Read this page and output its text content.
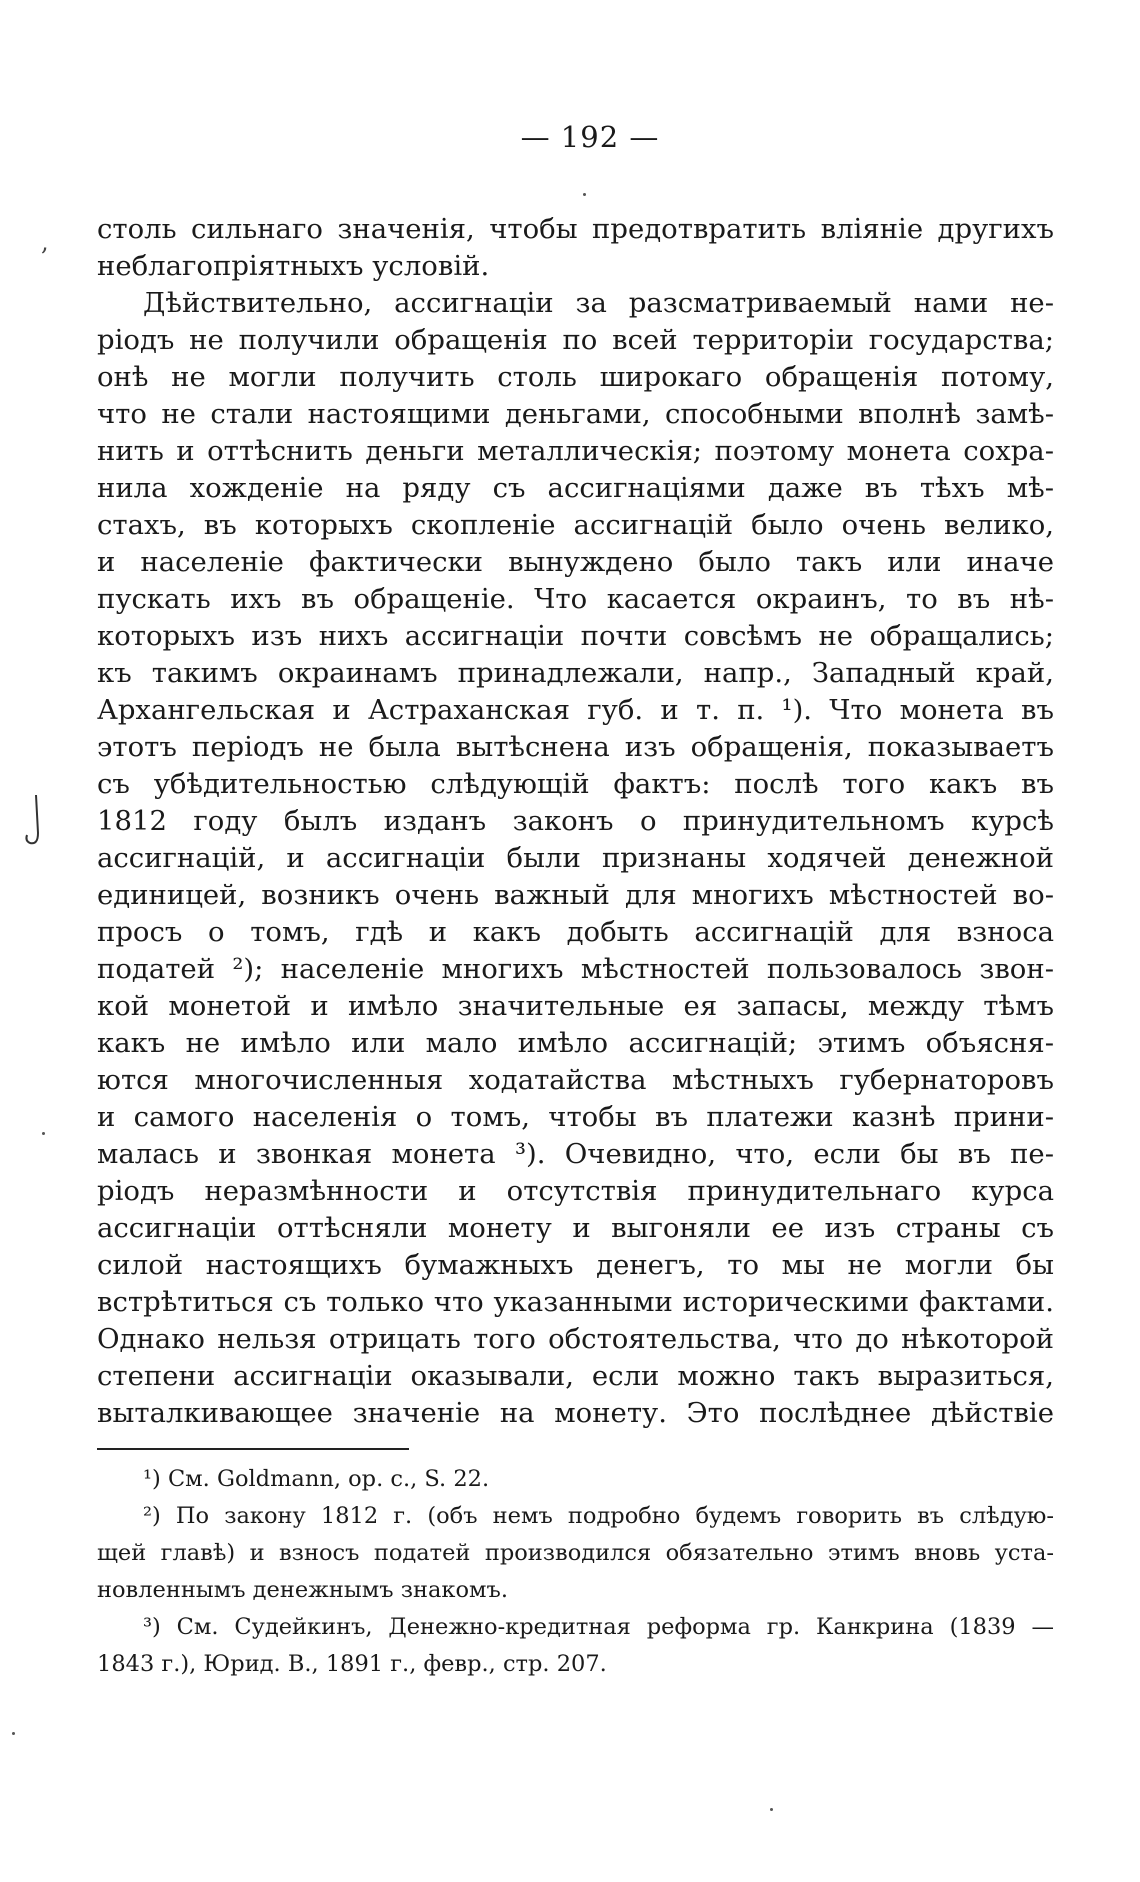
— 192 —
, столь сильнаго значенія, чтобы предотвратить вліяніе другихъ
неблагопріятныхъ условій.
Дѣйствительно, ассигнаціи за разсматриваемый нами не-
ріодъ не получили обращенія по всей территоріи государства;
онѣ не могли получить столь широкаго обращенія потому,
что не стали настоящими деньгами, способными вполнѣ замѣ-
нить и оттѣснить деньги металлическія; поэтому монета сохра-
нила хожденіе на ряду съ ассигнаціями даже въ тѣхъ мѣ-
стахъ, въ которыхъ скопленіе ассигнацій было очень велико,
и населеніе фактически вынуждено было такъ или иначе
пускать ихъ въ обращеніе. Что касается окраинъ, то въ нѣ-
которыхъ изъ нихъ ассигнаціи почти совсѣмъ не обращались;
къ такимъ окраинамъ принадлежали, напр., Западный край,
Архангельская и Астраханская губ. и т. п. ¹). Что монета въ
этотъ періодъ не была вытѣснена изъ обращенія, показываетъ
съ убѣдительностью слѣдующій фактъ: послѣ того какъ въ
1812 году былъ изданъ законъ о принудительномъ курсѣ
ассигнацій, и ассигнаціи были признаны ходячей денежной
единицей, возникъ очень важный для многихъ мѣстностей во-
просъ о томъ, гдѣ и какъ добыть ассигнацій для взноса
податей ²); населеніе многихъ мѣстностей пользовалось звон-
кой монетой и имѣло значительные ея запасы, между тѣмъ
какъ не имѣло или мало имѣло ассигнацій; этимъ объясня-
ются многочисленныя ходатайства мѣстныхъ губернаторовъ
и самого населенія о томъ, чтобы въ платежи казнѣ прини-
малась и звонкая монета ³). Очевидно, что, если бы въ пе-
ріодъ неразмѣнности и отсутствія принудительнаго курса
ассигнаціи оттѣсняли монету и выгоняли ее изъ страны съ
силой настоящихъ бумажныхъ денегъ, то мы не могли бы
встрѣтиться съ только что указанными историческими фактами.
Однако нельзя отрицать того обстоятельства, что до нѣкоторой
степени ассигнаціи оказывали, если можно такъ выразиться,
выталкивающее значеніе на монету. Это послѣднее дѣйствіе
¹) См. Goldmann, op. c., S. 22.
²) По закону 1812 г. (объ немъ подробно будемъ говорить въ слѣдую-
щей главѣ) и взносъ податей производился обязательно этимъ вновь уста-
новленнымъ денежнымъ знакомъ.
³) См. Судейкинъ, Денежно-кредитная реформа гр. Канкрина (1839 —
1843 г.), Юрид. В., 1891 г., февр., стр. 207.
